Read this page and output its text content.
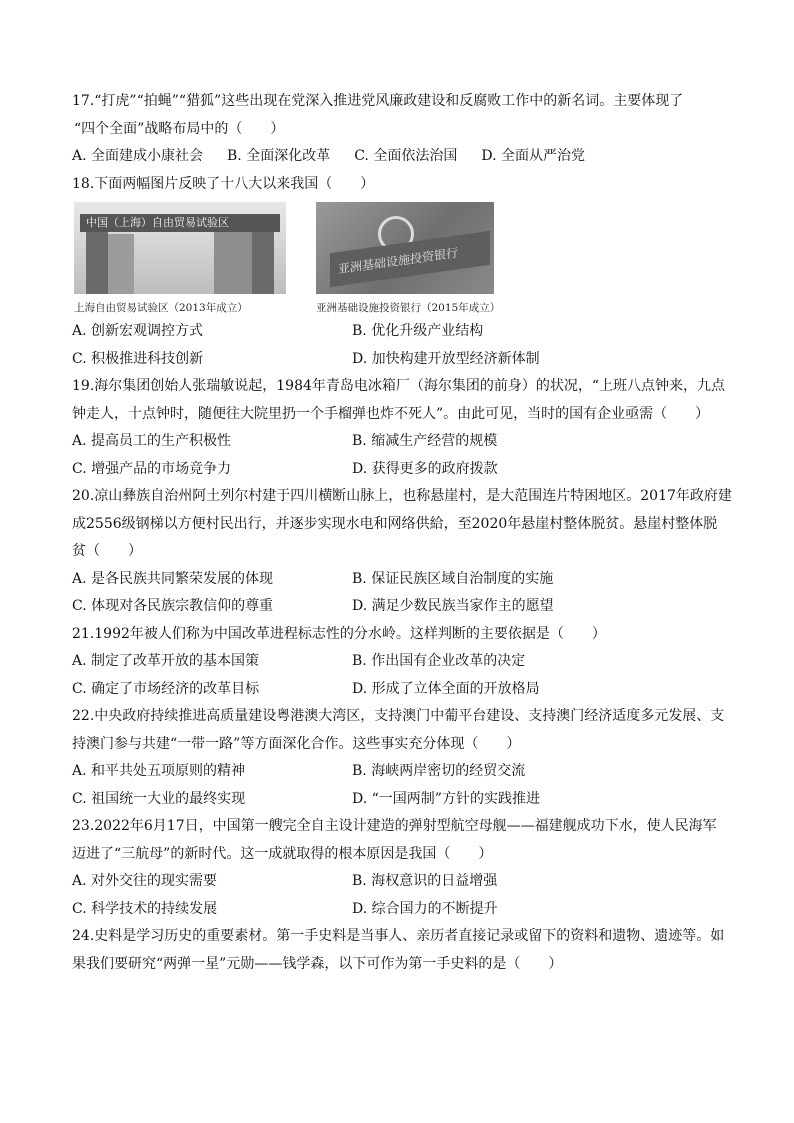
17.“打虎”“拍蝇”“猎狐”这些出现在党深入推进党风廉政建设和反腐败工作中的新名词。主要体现了
“四个全面”战略布局中的（　　）
A. 全面建成小康社会 B. 全面深化改革 C. 全面依法治国 D. 全面从严治党
18.下面两幅图片反映了十八大以来我国（　　）
中国（上海）自由贸易试验区
上海自由贸易试验区（2013年成立）
亚洲基础设施投资银行
亚洲基础设施投资银行（2015年成立）
A. 创新宏观调控方式	B. 优化升级产业结构
C. 积极推进科技创新	D. 加快构建开放型经济新体制
19.海尔集团创始人张瑞敏说起，1984年青岛电冰箱厂（海尔集团的前身）的状况，“上班八点钟来，九点
钟走人，十点钟时，随便往大院里扔一个手榴弹也炸不死人”。由此可见，当时的国有企业亟需（　　）
A. 提高员工的生产积极性	B. 缩减生产经营的规模
C. 增强产品的市场竞争力	D. 获得更多的政府拨款
20.凉山彝族自治州阿土列尔村建于四川横断山脉上，也称悬崖村，是大范围连片特困地区。2017年政府建
成2556级钢梯以方便村民出行，并逐步实现水电和网络供給，至2020年悬崖村整体脱贫。悬崖村整体脱
贫（　　）
A. 是各民族共同繁荣发展的体现	B. 保证民族区域自治制度的实施
C. 体现对各民族宗教信仰的尊重	D. 满足少数民族当家作主的愿望
21.1992年被人们称为中国改革进程标志性的分水岭。这样判断的主要依据是（　　）
A. 制定了改革开放的基本国策	B. 作出国有企业改革的决定
C. 确定了市场经济的改革目标	D. 形成了立体全面的开放格局
22.中央政府持续推进高质量建设粤港澳大湾区，支持澳门中葡平台建设、支持澳门经济适度多元发展、支
持澳门参与共建“一带一路”等方面深化合作。这些事实充分体现（　　）
A. 和平共处五项原则的精神	B. 海峡两岸密切的经贸交流
C. 祖国统一大业的最终实现	D. “一国两制”方针的实践推进
23.2022年6月17日，中国第一艘完全自主设计建造的弹射型航空母舰——福建舰成功下水，使人民海军
迈进了“三航母”的新时代。这一成就取得的根本原因是我国（　　）
A. 对外交往的现实需要	B. 海权意识的日益增强
C. 科学技术的持续发展	D. 综合国力的不断提升
24.史料是学习历史的重要素材。第一手史料是当事人、亲历者直接记录或留下的资料和遗物、遗迹等。如
果我们要研究“两弹一星”元勋——钱学森，以下可作为第一手史料的是（　　）
